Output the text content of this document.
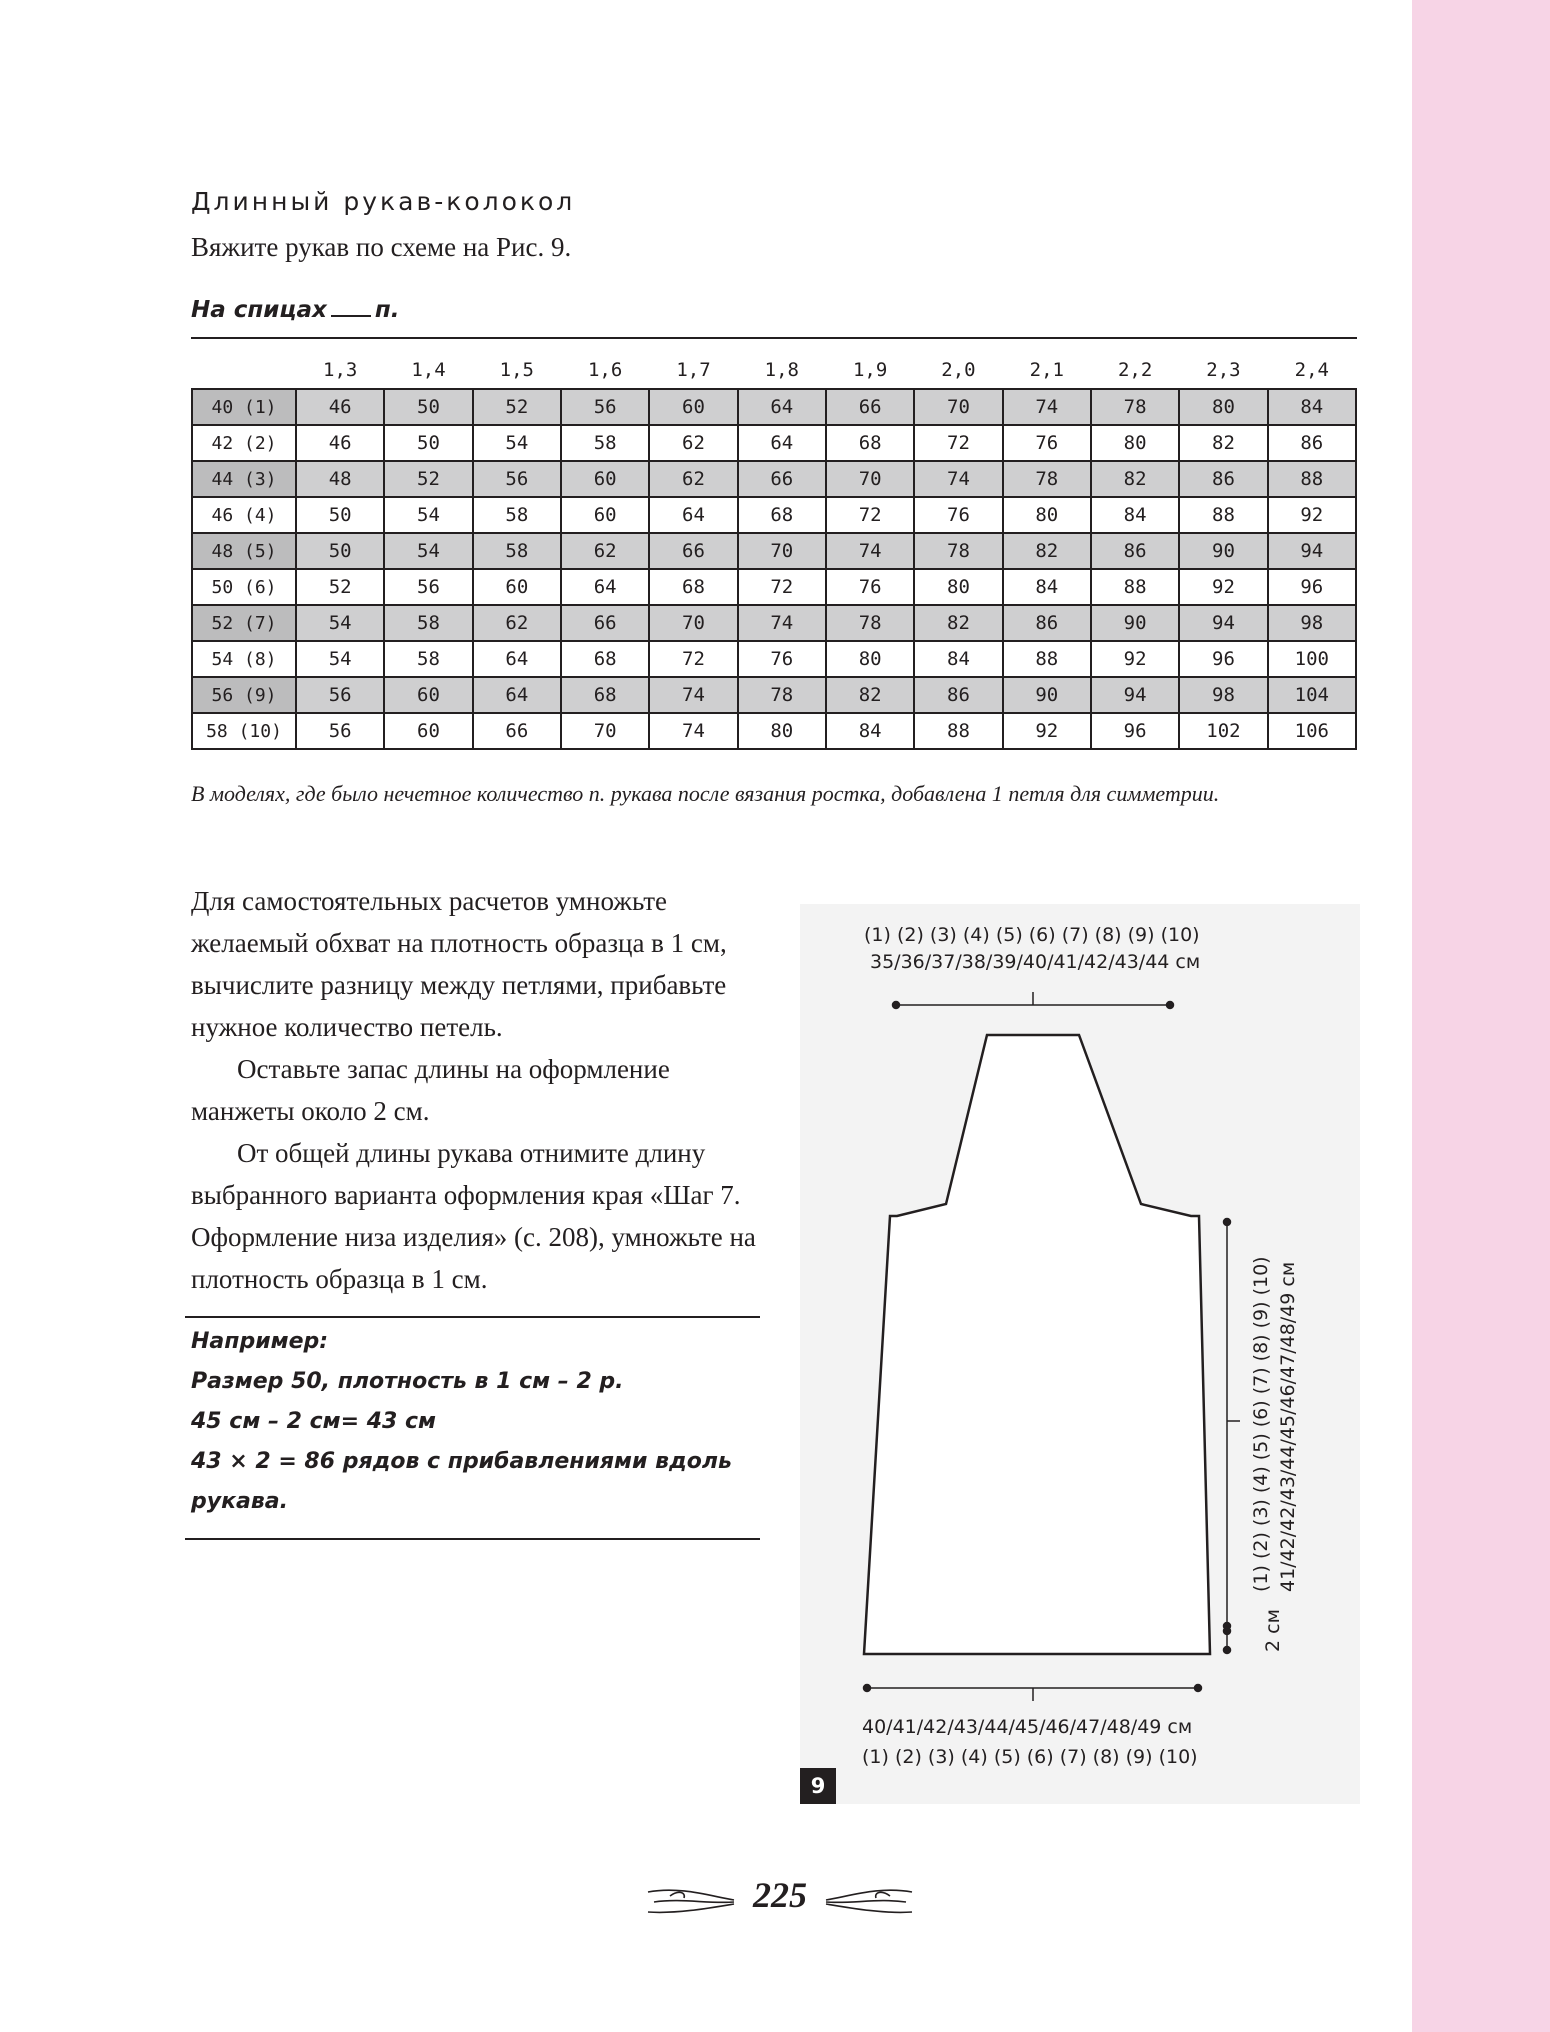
Длинный рукав-колокол

Вяжите рукав по схеме на Рис. 9.

На спицах п.

	1,3	1,4	1,5	1,6	1,7	1,8	1,9	2,0	2,1	2,2	2,3	2,4
40 (1)	46	50	52	56	60	64	66	70	74	78	80	84
42 (2)	46	50	54	58	62	64	68	72	76	80	82	86
44 (3)	48	52	56	60	62	66	70	74	78	82	86	88
46 (4)	50	54	58	60	64	68	72	76	80	84	88	92
48 (5)	50	54	58	62	66	70	74	78	82	86	90	94
50 (6)	52	56	60	64	68	72	76	80	84	88	92	96
52 (7)	54	58	62	66	70	74	78	82	86	90	94	98
54 (8)	54	58	64	68	72	76	80	84	88	92	96	100
56 (9)	56	60	64	68	74	78	82	86	90	94	98	104
58 (10)	56	60	66	70	74	80	84	88	92	96	102	106

В моделях, где было нечетное количество п. рукава после вязания ростка, добавлена 1 петля для симметрии.

Для самостоятельных расчетов умножьте желаемый обхват на плотность образца в 1 см, вычислите разницу между петлями, прибавьте нужное количество петель.

Оставьте запас длины на оформление манжеты около 2 см.

От общей длины рукава отнимите длину выбранного варианта оформления края «Шаг 7. Оформление низа изделия» (с. 208), умножьте на плотность образца в 1 см.

Например:

Размер 50, плотность в 1 см – 2 р.

45 см – 2 см= 43 см

43 × 2 = 86 рядов с прибавлениями вдоль рукава.

(1) (2) (3) (4) (5) (6) (7) (8) (9) (10)

35/36/37/38/39/40/41/42/43/44 см

(1) (2) (3) (4) (5) (6) (7) (8) (9) (10) 41/42/42/43/44/45/46/47/48/49 см

2 см

40/41/42/43/44/45/46/47/48/49 см

(1) (2) (3) (4) (5) (6) (7) (8) (9) (10)

9
225
